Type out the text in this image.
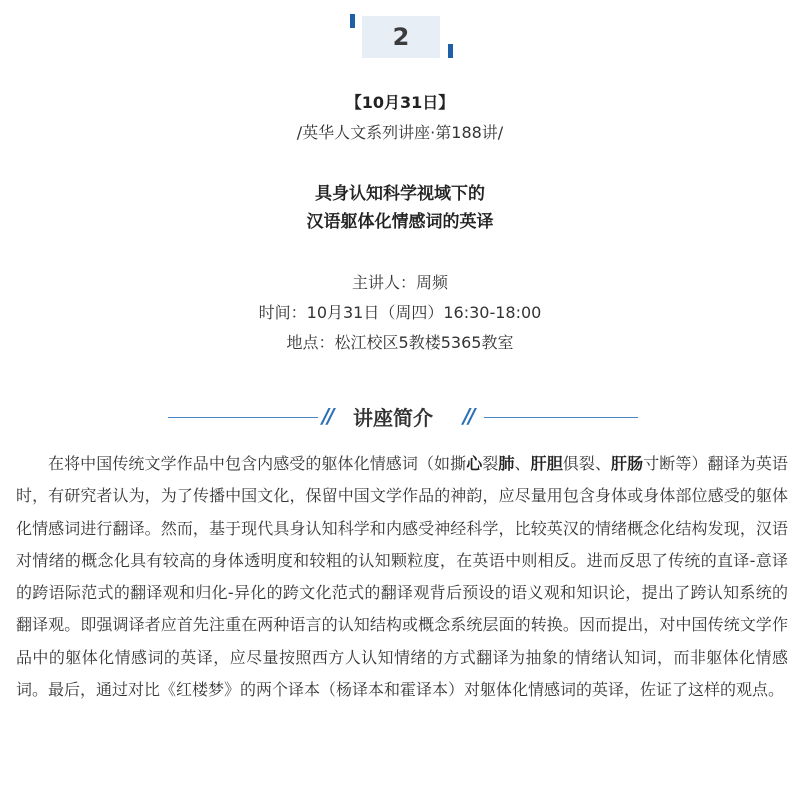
2
【10月31日】
/英华人文系列讲座·第188讲/
具身认知科学视域下的
汉语躯体化情感词的英译
主讲人：周频
时间：10月31日（周四）16:30-18:00
地点：松江校区5教楼5365教室
// 讲座简介 //

在将中国传统文学作品中包含内感受的躯体化情感词（如撕心裂肺、肝胆俱裂、肝肠寸断等）翻译为英语时，有研究者认为，为了传播中国文化，保留中国文学作品的神韵，应尽量用包含身体或身体部位感受的躯体化情感词进行翻译。然而，基于现代具身认知科学和内感受神经科学，比较英汉的情绪概念化结构发现，汉语对情绪的概念化具有较高的身体透明度和较粗的认知颗粒度，在英语中则相反。进而反思了传统的直译-意译的跨语际范式的翻译观和归化-异化的跨文化范式的翻译观背后预设的语义观和知识论，提出了跨认知系统的翻译观。即强调译者应首先注重在两种语言的认知结构或概念系统层面的转换。因而提出，对中国传统文学作品中的躯体化情感词的英译，应尽量按照西方人认知情绪的方式翻译为抽象的情绪认知词，而非躯体化情感词。最后，通过对比《红楼梦》的两个译本（杨译本和霍译本）对躯体化情感词的英译，佐证了这样的观点。
